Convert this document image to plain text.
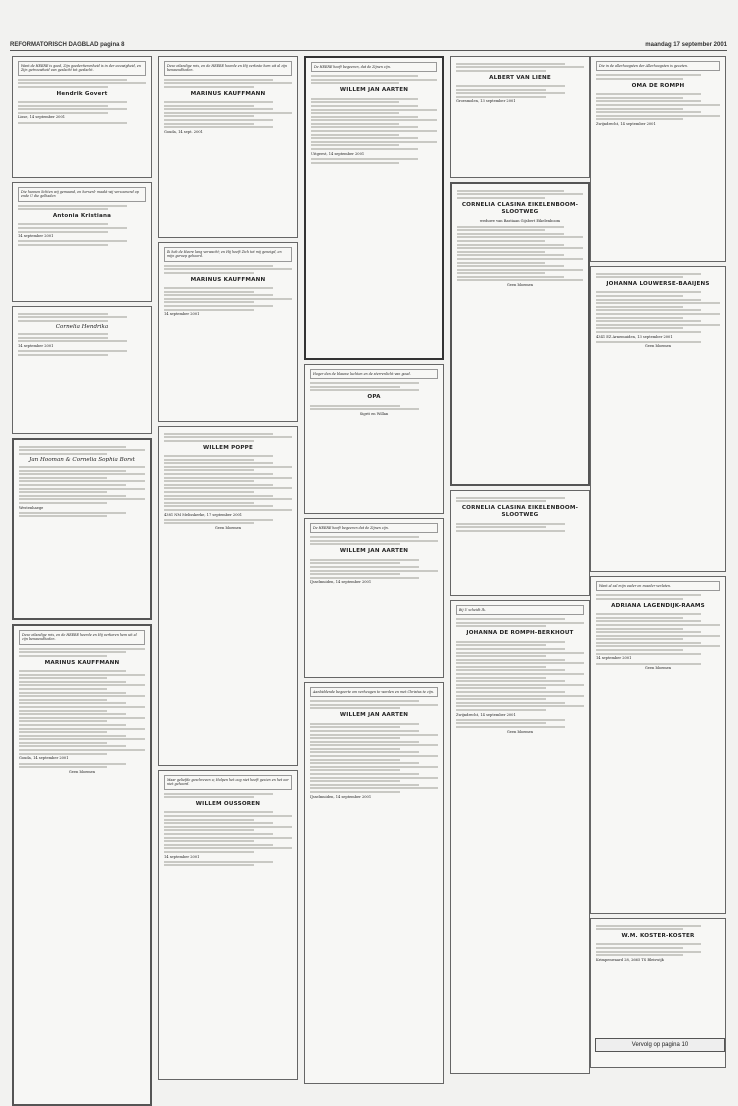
REFORMATORISCH DAGBLAD pagina 8	maandag 17 september 2001
Want de HEERE is goed, Zijn goedertierenheid is in der eeuwigheid, en Zijn getrouwheid van geslacht tot geslacht.
Hendrik Govert
Lisse, 14 september 2001
Die hunnen lichten wij gemaand, en hersenl- maakt wij verzoenend op ende U die gelhaden
Antonia Kristiana
14 september 2001
Cornelia Hendrika
14 september 2001
Jan Hooman & Cornelia Sophia Borst
Westenhaege
Deze eilandige reis, en de HEERE heerde en Hij verkoren hem uit al zijn benauwdheden.
MARINUS KAUFFMANN
Gouda, 14 september 2001
Geen bloemen
Deze eilandige reis, en de HEERE hoorde en Hij verloste hem uit al zijn benauwdheden.
MARINUS KAUFFMANN
Gouda, 14 sept. 2001
Ik heb de Heere lang verwacht; en Hij heeft Zich tot mij geneigd, en mijn geroep gehoord.
MARINUS KAUFFMANN
14 september 2001
WILLEM POPPE
4381 NM Melisskerke, 17 september 2001
Geen bloemen
Maar geliefde geschreven u; Holpen het oog niet heeft gezien en het oor niet gehoord.
WILLEM OUSSOREN
14 september 2001
De HEERE heeft begeeren, dat de Zijnen zijn.
WILLEM JAN AARTEN
Uitgeest, 14 september 2001
Hoger dan de blauwe luchten en de sterrenlicht van goud.
OPA
Sigrit en Willan
De HEERE heeft begeeren dat de Zijnen zijn.
WILLEM JAN AARTEN
IJsselmuiden, 14 september 2001
Aanbiddende begeerte om verheugen te worden en met Christus te zijn.
WILLEM JAN AARTEN
IJsselmuiden, 14 september 2001
ALBERT VAN LIENE
Groesmolen, 13 september 2001
CORNELIA CLASINA EIKELENBOOM-SLOOTWEG
weduwe van Bastiaan Gijsbert Eikelenboom
Geen bloemen
CORNELIA CLASINA EIKELENBOOM-SLOOTWEG
Bij U scheidt Ik.
JOHANNA DE ROMPH-BERKHOUT
Zwijndrecht, 14 september 2001
Geen bloemen
Die in de allerhoogsten der Allerhoogsten is gezeten.
OMA DE ROMPH
Zwijndrecht, 14 september 2001
JOHANNA LOUWERSE-BAAIJENS
4341 EZ Arnemuiden, 13 september 2001
Geen bloemen
Want al zal mijn vader en moeder verlaten.
ADRIANA LAGENDIJK-RAAMS
14 september 2001
Geen bloemen
W.M. KOSTER-KOSTER
Krimpenwaard 28, 2665 TS Bleiswijk
Vervolg op pagina 10
